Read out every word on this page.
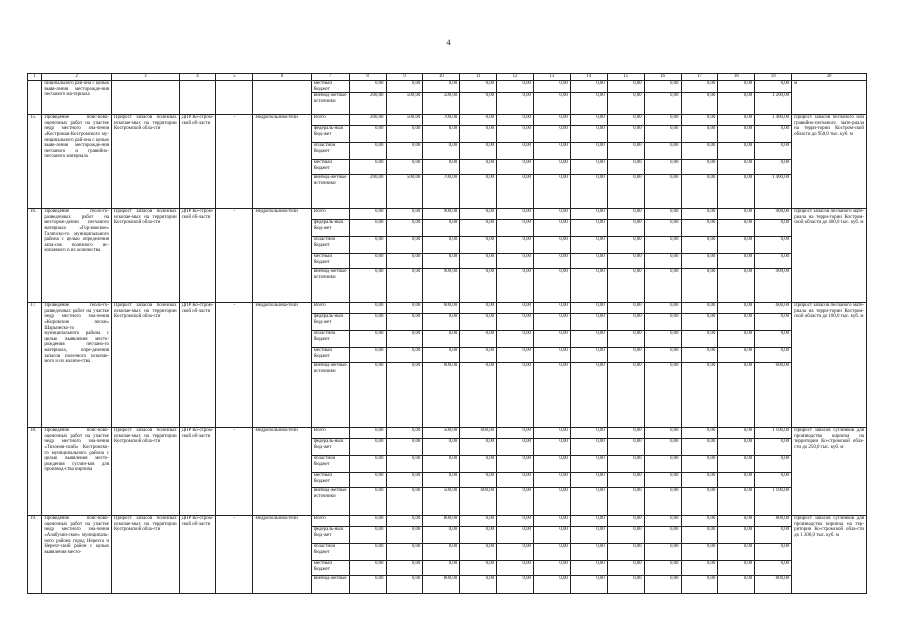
4
1	2	3	4	5	6	7	8	9	10	11	12	13	14	15	16	17	18	19	20
	пиципального рай-она с целью выяв-ления месторожде-ния песчаного ма-териала					местный бюджет	0,00	0,00	0,00	0,00	0,00	0,00	0,00	0,00	0,00	0,00	0,00	0,00	м
						внебюд-жетные источники	200,00	500,00	500,00	0,00	0,00	0,00	0,00	0,00	0,00	0,00	0,00	1 200,00	
15.	Проведение поис-ково-оценочных работ на участке недр местного зна-чения «Костромаи-Костромского му-ниципального рай-она с целью выяв-ления месторожде-ния песчаного и гравийно-песчаного материала	Прирост запасов полезных ископае-мых на территории Костромской обла-сти	ДПР Ко-стром-ской об-ласти	-	Недропользова-тели	Всего	200,00	500,00	700,00	0,00	0,00	0,00	0,00	0,00	0,00	0,00	0,00	1 400,00	Прирост запасов песчаного или гравийно-песчаного мате-риала на терри-тории Костром-ской области до 950,0 тыс. куб. м
						федераль-ный бюд-жет	0,00	0,00	0,00	0,00	0,00	0,00	0,00	0,00	0,00	0,00	0,00	0,00	
						областной бюджет	0,00	0,00	0,00	0,00	0,00	0,00	0,00	0,00	0,00	0,00	0,00	0,00	
						местный бюджет	0,00	0,00	0,00	0,00	0,00	0,00	0,00	0,00	0,00	0,00	0,00	0,00	
						внебюд-жетные источники	200,00	500,00	700,00	0,00	0,00	0,00	0,00	0,00	0,00	0,00	0,00	1 400,00	
16.	Проведение геоло-го-разведочных работ на месторож-дении песчаного материала «Гор-ковское» Галичско-го муниципального района с целью определения запа-сов полезного ис-копаемого и их количества	Прирост запасов полезных ископае-мых на территории Костромской обла-сти	ДПР Ко-стром-ской об-ласти	-	Недропользова-тели	Всего	0,00	0,00	900,00	0,00	0,00	0,00	0,00	0,00	0,00	0,00	0,00	900,00	Прирост запасов песчаного мате-риала на терри-тории Костром-ской области до 400,0 тыс. куб. м
						федераль-ный бюд-жет	0,00	0,00	0,00	0,00	0,00	0,00	0,00	0,00	0,00	0,00	0,00	0,00	
						областной бюджет	0,00	0,00	0,00	0,00	0,00	0,00	0,00	0,00	0,00	0,00	0,00	0,00	
						местный бюджет	0,00	0,00	0,00	0,00	0,00	0,00	0,00	0,00	0,00	0,00	0,00	0,00	
						внебюд-жетные источники	0,00	0,00	900,00	0,00	0,00	0,00	0,00	0,00	0,00	0,00	0,00	900,00	
17.	Проведение геоло-го-разведочных работ на участке недр местного зна-чения «Кировские пески» Шарьинско-го муниципального района с целью выявления место-рождения песчано-го материала, опре-деления запасов полезного ископае-мого и их количе-ства	Прирост запасов полезных ископае-мых на территории Костромской обла-сти	ДПР Ко-стром-ской об-ласти	-	Недропользова-тели	Всего	0,00	0,00	600,00	0,00	0,00	0,00	0,00	0,00	0,00	0,00	0,00	600,00	Прирост запасов песчаного мате-риала на терри-тории Костром-ской области до 100,0 тыс. куб. м
						федераль-ный бюд-жет	0,00	0,00	0,00	0,00	0,00	0,00	0,00	0,00	0,00	0,00	0,00	0,00	
						областной бюджет	0,00	0,00	0,00	0,00	0,00	0,00	0,00	0,00	0,00	0,00	0,00	0,00	
						местный бюджет	0,00	0,00	0,00	0,00	0,00	0,00	0,00	0,00	0,00	0,00	0,00	0,00	
						внебюд-жетные источники	0,00	0,00	600,00	0,00	0,00	0,00	0,00	0,00	0,00	0,00	0,00	600,00	
18.	Проведение поис-ково-оценочных работ на участке недр местного зна-чения «Тихонов-ский» Костромско-го муниципального района с целью выявления место-рождения суглин-ков для производ-ства кирпича	Прирост запасов полезных ископае-мых на территории Костромской обла-сти	ДПР Ко-стром-ской об-ласти	-	Недропользова-тели	Всего	0,00	0,00	500,00	600,00	0,00	0,00	0,00	0,00	0,00	0,00	0,00	1 100,00	Прирост запасов суглинков для производства кирпича на территории Ко-стромской обла-сти до 250,0 тыс. куб. м
						федераль-ный бюд-жет	0,00	0,00	0,00	0,00	0,00	0,00	0,00	0,00	0,00	0,00	0,00	0,00	
						областной бюджет	0,00	0,00	0,00	0,00	0,00	0,00	0,00	0,00	0,00	0,00	0,00	0,00	
						местный бюджет	0,00	0,00	0,00	0,00	0,00	0,00	0,00	0,00	0,00	0,00	0,00	0,00	
						внебюд-жетные источники	0,00	0,00	500,00	600,00	0,00	0,00	0,00	0,00	0,00	0,00	0,00	1 100,00	
19.	Проведение поис-ково-оценочных работ на участке недр местного зна-чения «Алабузин-ское» муниципаль-ного района город Нерехта и Нерехт-ский район с целью выявления место-	Прирост запасов полезных ископае-мых на территории Костромской обла-сти	ДПР Ко-стром-ской об-ласти	-	Недропользова-тели	Всего	0,00	0,00	800,00	0,00	0,00	0,00	0,00	0,00	0,00	0,00	0,00	800,00	Прирост запасов суглинков для производства кирпича на тер-ритории Ко-стромской обла-сти до 1 200,0 тыс. куб. м
						федераль-ный бюд-жет	0,00	0,00	0,00	0,00	0,00	0,00	0,00	0,00	0,00	0,00	0,00	0,00	
						областной бюджет	0,00	0,00	0,00	0,00	0,00	0,00	0,00	0,00	0,00	0,00	0,00	0,00	
						местный бюджет	0,00	0,00	0,00	0,00	0,00	0,00	0,00	0,00	0,00	0,00	0,00	0,00	
						внебюд-жетные	0,00	0,00	800,00	0,00	0,00	0,00	0,00	0,00	0,00	0,00	0,00	800,00	
